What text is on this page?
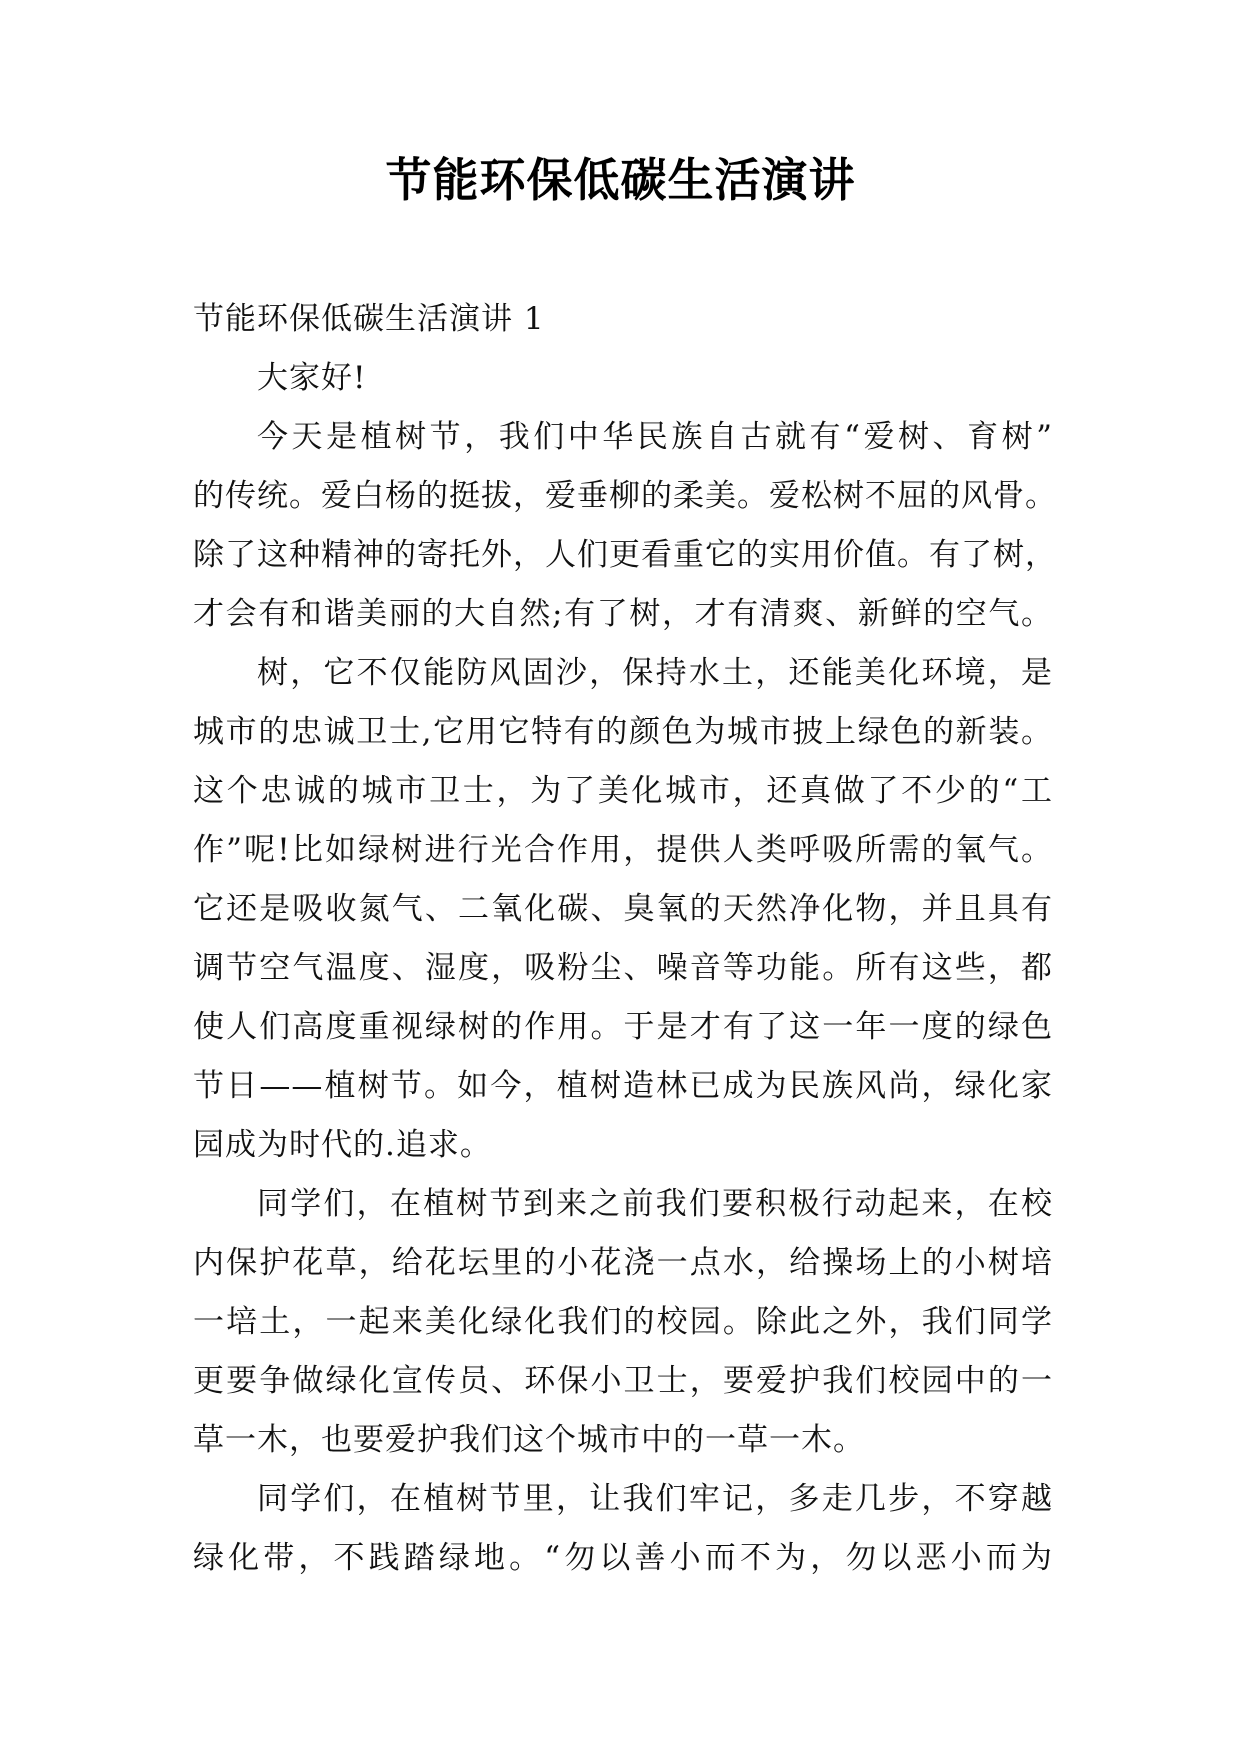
节能环保低碳生活演讲
节能环保低碳生活演讲 1
大家好!
今天是植树节，我们中华民族自古就有“爱树、育树”
的传统。爱白杨的挺拔，爱垂柳的柔美。爱松树不屈的风骨。
除了这种精神的寄托外，人们更看重它的实用价值。有了树，
才会有和谐美丽的大自然;有了树，才有清爽、新鲜的空气。
树，它不仅能防风固沙，保持水土，还能美化环境，是
城市的忠诚卫士,它用它特有的颜色为城市披上绿色的新装。
这个忠诚的城市卫士，为了美化城市，还真做了不少的“工
作”呢!比如绿树进行光合作用，提供人类呼吸所需的氧气。
它还是吸收氮气、二氧化碳、臭氧的天然净化物，并且具有
调节空气温度、湿度，吸粉尘、噪音等功能。所有这些，都
使人们高度重视绿树的作用。于是才有了这一年一度的绿色
节日——植树节。如今，植树造林已成为民族风尚，绿化家
园成为时代的.追求。
同学们，在植树节到来之前我们要积极行动起来，在校
内保护花草，给花坛里的小花浇一点水，给操场上的小树培
一培土，一起来美化绿化我们的校园。除此之外，我们同学
更要争做绿化宣传员、环保小卫士，要爱护我们校园中的一
草一木，也要爱护我们这个城市中的一草一木。
同学们，在植树节里，让我们牢记，多走几步，不穿越
绿化带，不践踏绿地。“勿以善小而不为，勿以恶小而为
